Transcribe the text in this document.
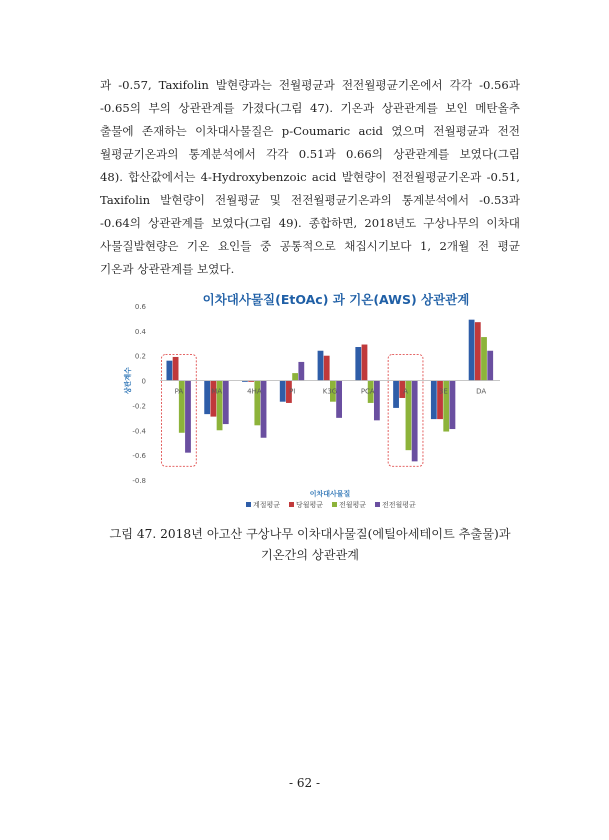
과 -0.57, Taxifolin 발현량과는 전월평균과 전전월평균기온에서 각각 -0.56과
-0.65의 부의 상관관계를 가졌다(그림 47). 기온과 상관관계를 보인 메탄올추
출물에 존재하는 이차대사물질은 p-Coumaric acid 였으며 전월평균과 전전
월평균기온과의 통계분석에서 각각 0.51과 0.66의 상관관계를 보였다(그림
48). 합산값에서는 4-Hydroxybenzoic acid 발현량이 전전월평균기온과 -0.51,
Taxifolin 발현량이 전월평균 및 전전월평균기온과의 통계분석에서 -0.53과
-0.64의 상관관계를 보였다(그림 49). 종합하면, 2018년도 구상나무의 이차대
사물질발현량은 기온 요인들 중 공통적으로 채집시기보다 1, 2개월 전 평균
기온과 상관관계를 보였다.
이차대사물질(EtOAc) 과 기온(AWS) 상관관계
0.6
0.4
0.2
0
-0.2
-0.4
-0.6
-0.8
상관계수	PA	MA	4HA	PI	K3G	PCA	A	3E	DA
이차대사물질
계절평균 당월평균 전월평균 전전월평균
그림 47. 2018년 아고산 구상나무 이차대사물질(에틸아세테이트 추출물)과
기온간의 상관관계
- 62 -
